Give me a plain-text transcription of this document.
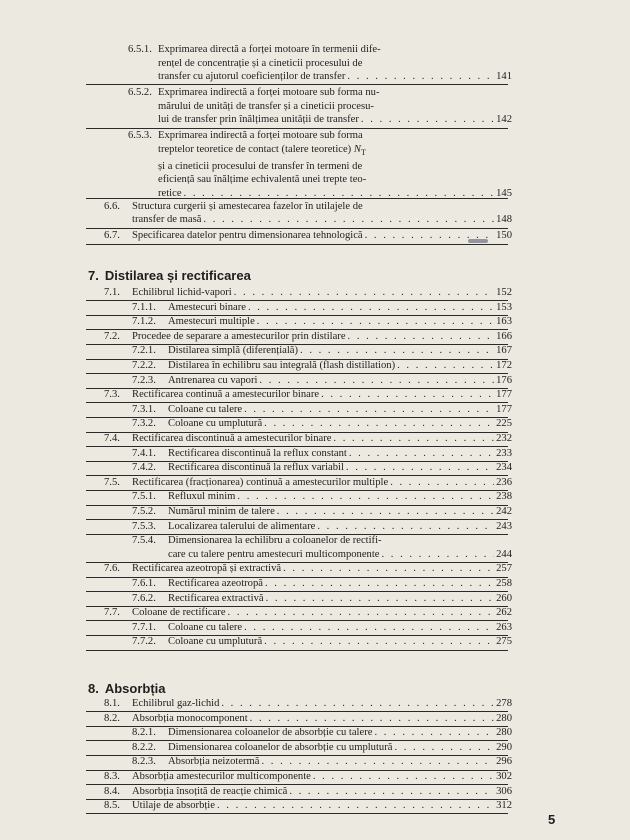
6.5.1. Exprimarea directă a forței motoare în termenii dife-
rențel de concentrație și a cineticii procesului de
transfer cu ajutorul coeficienților de transfer . . .	141
6.5.2. Exprimarea indirectă a forței motoare sub forma nu-
mărului de unități de transfer și a cineticii procesu-
lui de transfer prin înălțimea unității de transfer . . .	142
6.5.3. Exprimarea indirectă a forței motoare sub forma
treptelor teoretice de contact (talere teoretice) $N_T$
și a cineticii procesului de transfer în termeni de
eficiență sau înălțime echivalentă unei trepte teo-
retice . . .	145
6.6. Structura curgerii și amestecarea fazelor în utilajele de
transfer de masă . . .	148
6.7. Specificarea datelor pentru dimensionarea tehnologică . . .	150
7. Distilarea și rectificarea
7.1. Echilibrul lichid-vapori . . .	152
7.1.1. Amestecuri binare . . .	153
7.1.2. Amestecuri multiple . . .	163
7.2. Procedee de separare a amestecurilor prin distilare . . .	166
7.2.1. Distilarea simplă (diferențială) . . .	167
7.2.2. Distilarea în echilibru sau integrală (flash distillation) . . .	172
7.2.3. Antrenarea cu vapori . . .	176
7.3. Rectificarea continuă a amestecurilor binare . . .	177
7.3.1. Coloane cu talere . . .	177
7.3.2. Coloane cu umplutură . . .	225
7.4. Rectificarea discontinuă a amestecurilor binare . . .	232
7.4.1. Rectificarea discontinuă la reflux constant . . .	233
7.4.2. Rectificarea discontinuă la reflux variabil . . .	234
7.5. Rectificarea (fracționarea) continuă a amestecurilor multiple . . .	236
7.5.1. Refluxul minim . . .	238
7.5.2. Numărul minim de talere . . .	242
7.5.3. Localizarea talerului de alimentare . . .	243
7.5.4. Dimensionarea la echilibru a coloanelor de rectifi-
care cu talere pentru amestecuri multicomponente . . .	244
7.6. Rectificarea azeotropă și extractivă . . .	257
7.6.1. Rectificarea azeotropă . . .	258
7.6.2. Rectificarea extractivă . . .	260
7.7. Coloane de rectificare . . .	262
7.7.1. Coloane cu talere . . .	263
7.7.2. Coloane cu umplutură . . .	275
8. Absorbția
8.1. Echilibrul gaz-lichid . . .	278
8.2. Absorbția monocomponent . . .	280
8.2.1. Dimensionarea coloanelor de absorbție cu talere . . .	280
8.2.2. Dimensionarea coloanelor de absorbție cu umplutură . . .	290
8.2.3. Absorbția neizotermă . . .	296
8.3. Absorbția amestecurilor multicomponente . . .	302
8.4. Absorbția însoțită de reacție chimică . . .	306
8.5. Utilaje de absorbție . . .	312
5
